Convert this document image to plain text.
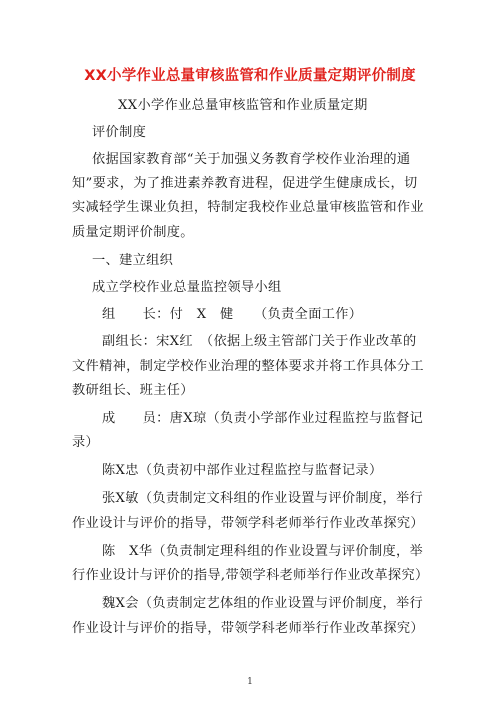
XX小学作业总量审核监管和作业质量定期评价制度
XX小学作业总量审核监管和作业质量定期
评价制度
依据国家教育部“关于加强义务教育学校作业治理的通
知”要求，为了推进素养教育进程，促进学生健康成长，切
实减轻学生课业负担，特制定我校作业总量审核监管和作业
质量定期评价制度。
一、建立组织
成立学校作业总量监控领导小组
组　　长：付　X　健　　（负责全面工作）
副组长：宋X红　（依据上级主管部门关于作业改革的
文件精神，制定学校作业治理的整体要求并将工作具体分工
教研组长、班主任）
成　　员：唐X琼（负责小学部作业过程监控与监督记
录）
陈X忠（负责初中部作业过程监控与监督记录）
张X敏（负责制定文科组的作业设置与评价制度，举行
作业设计与评价的指导，带领学科老师举行作业改革探究）
陈　X华（负责制定理科组的作业设置与评价制度，举
行作业设计与评价的指导,带领学科老师举行作业改革探究）
魏X会（负责制定艺体组的作业设置与评价制度，举行
作业设计与评价的指导，带领学科老师举行作业改革探究）
1
